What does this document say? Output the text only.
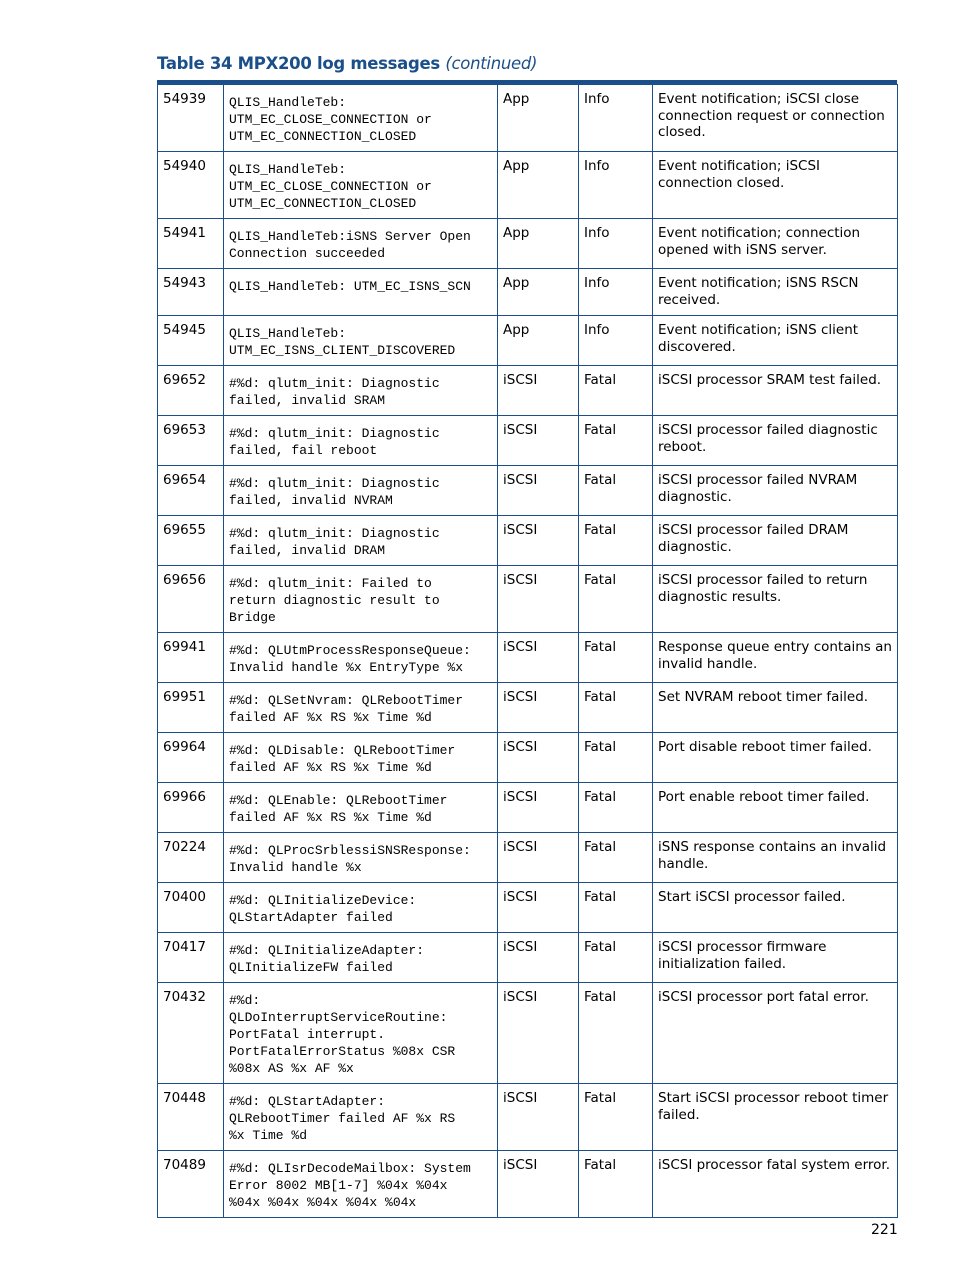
Table 34 MPX200 log messages (continued)
54939	QLIS_HandleTeb:
UTM_EC_CLOSE_CONNECTION or
UTM_EC_CONNECTION_CLOSED	App	Info	Event notification; iSCSI close connection request or connection closed.
54940	QLIS_HandleTeb:
UTM_EC_CLOSE_CONNECTION or
UTM_EC_CONNECTION_CLOSED	App	Info	Event notification; iSCSI connection closed.
54941	QLIS_HandleTeb:iSNS Server Open
Connection succeeded	App	Info	Event notification; connection opened with iSNS server.
54943	QLIS_HandleTeb: UTM_EC_ISNS_SCN	App	Info	Event notification; iSNS RSCN received.
54945	QLIS_HandleTeb:
UTM_EC_ISNS_CLIENT_DISCOVERED	App	Info	Event notification; iSNS client discovered.
69652	#%d: qlutm_init: Diagnostic
failed, invalid SRAM	iSCSI	Fatal	iSCSI processor SRAM test failed.
69653	#%d: qlutm_init: Diagnostic
failed, fail reboot	iSCSI	Fatal	iSCSI processor failed diagnostic reboot.
69654	#%d: qlutm_init: Diagnostic
failed, invalid NVRAM	iSCSI	Fatal	iSCSI processor failed NVRAM diagnostic.
69655	#%d: qlutm_init: Diagnostic
failed, invalid DRAM	iSCSI	Fatal	iSCSI processor failed DRAM diagnostic.
69656	#%d: qlutm_init: Failed to
return diagnostic result to
Bridge	iSCSI	Fatal	iSCSI processor failed to return diagnostic results.
69941	#%d: QLUtmProcessResponseQueue:
Invalid handle %x EntryType %x	iSCSI	Fatal	Response queue entry contains an invalid handle.
69951	#%d: QLSetNvram: QLRebootTimer
failed AF %x RS %x Time %d	iSCSI	Fatal	Set NVRAM reboot timer failed.
69964	#%d: QLDisable: QLRebootTimer
failed AF %x RS %x Time %d	iSCSI	Fatal	Port disable reboot timer failed.
69966	#%d: QLEnable: QLRebootTimer
failed AF %x RS %x Time %d	iSCSI	Fatal	Port enable reboot timer failed.
70224	#%d: QLProcSrblessiSNSResponse:
Invalid handle %x	iSCSI	Fatal	iSNS response contains an invalid handle.
70400	#%d: QLInitializeDevice:
QLStartAdapter failed	iSCSI	Fatal	Start iSCSI processor failed.
70417	#%d: QLInitializeAdapter:
QLInitializeFW failed	iSCSI	Fatal	iSCSI processor firmware initialization failed.
70432	#%d:
QLDoInterruptServiceRoutine:
PortFatal interrupt.
PortFatalErrorStatus %08x CSR
%08x AS %x AF %x	iSCSI	Fatal	iSCSI processor port fatal error.
70448	#%d: QLStartAdapter:
QLRebootTimer failed AF %x RS
%x Time %d	iSCSI	Fatal	Start iSCSI processor reboot timer failed.
70489	#%d: QLIsrDecodeMailbox: System
Error 8002 MB[1-7] %04x %04x
%04x %04x %04x %04x %04x	iSCSI	Fatal	iSCSI processor fatal system error.
221
